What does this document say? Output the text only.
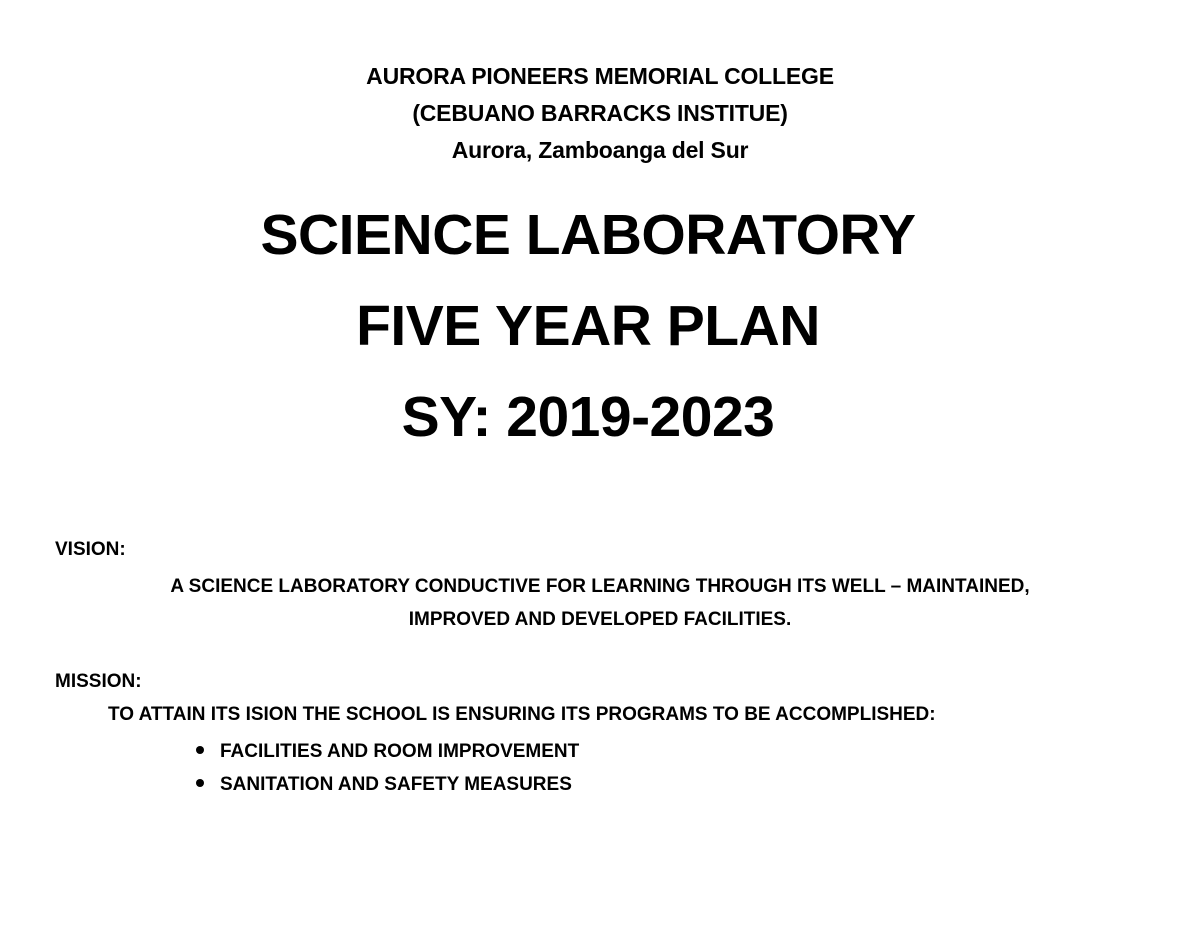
AURORA PIONEERS MEMORIAL COLLEGE
(CEBUANO BARRACKS INSTITUE)
Aurora, Zamboanga del Sur
SCIENCE LABORATORY
FIVE YEAR PLAN
SY: 2019-2023
VISION:
A SCIENCE LABORATORY CONDUCTIVE FOR LEARNING THROUGH ITS WELL – MAINTAINED,
IMPROVED AND DEVELOPED FACILITIES.
MISSION:
TO ATTAIN ITS ISION THE SCHOOL IS ENSURING ITS PROGRAMS TO BE ACCOMPLISHED:
FACILITIES AND ROOM IMPROVEMENT
SANITATION AND SAFETY MEASURES
